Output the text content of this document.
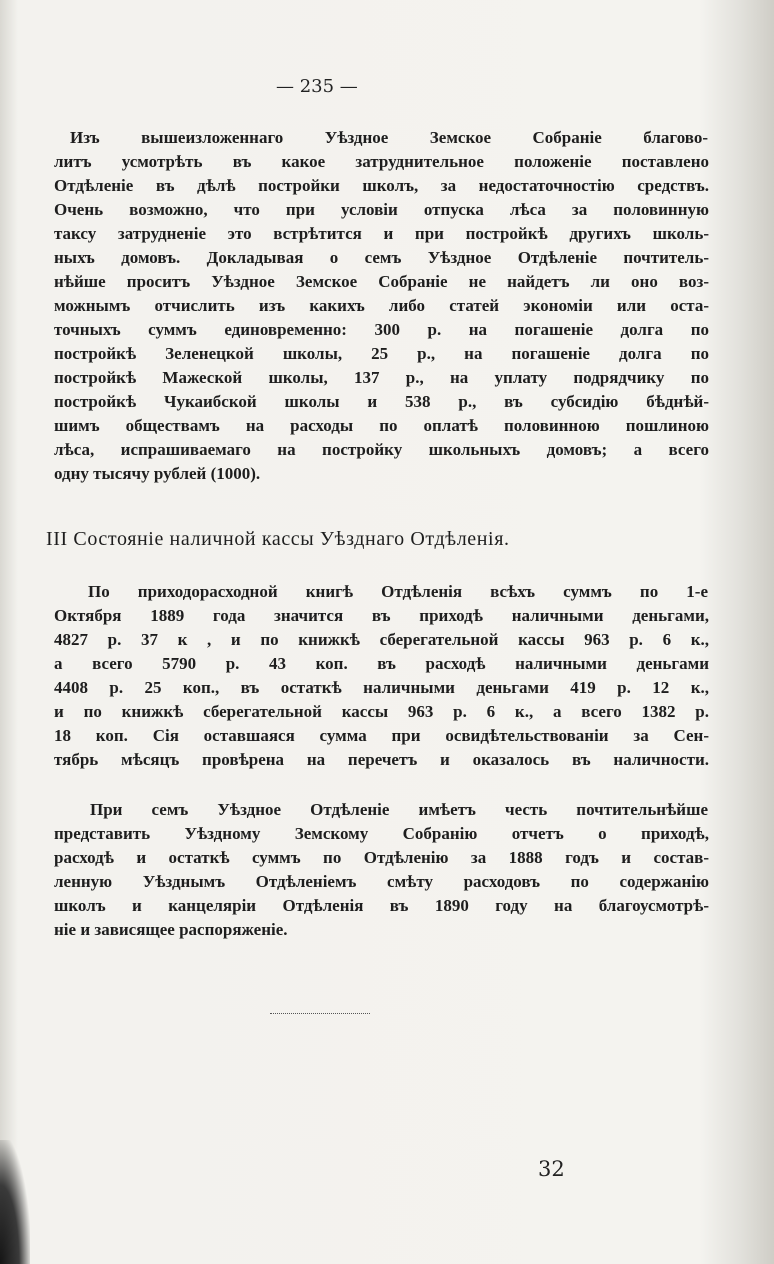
— 235 —
Изъ вышеизложеннаго Уѣздное Земское Собраніе благово-
литъ усмотрѣть въ какое затруднительное положеніе поставлено
Отдѣленіе въ дѣлѣ постройки школъ, за недостаточностію средствъ.
Очень возможно, что при условіи отпуска лѣса за половинную
таксу затрудненіе это встрѣтится и при постройкѣ другихъ школь-
ныхъ домовъ. Докладывая о семъ Уѣздное Отдѣленіе почтитель-
нѣйше проситъ Уѣздное Земское Собраніе не найдетъ ли оно воз-
можнымъ отчислить изъ какихъ либо статей экономіи или оста-
точныхъ суммъ единовременно: 300 р. на погашеніе долга по
постройкѣ Зеленецкой школы, 25 р., на погашеніе долга по
постройкѣ Мажеской школы, 137 р., на уплату подрядчику по
постройкѣ Чукаибской школы и 538 р., въ субсидію бѣднѣй-
шимъ обществамъ на расходы по оплатѣ половинною пошлиною
лѣса, испрашиваемаго на постройку школьныхъ домовъ; а всего
одну тысячу рублей (1000).
III Состояніе наличной кассы Уѣзднаго Отдѣленія.
По приходорасходной книгѣ Отдѣленія всѣхъ суммъ по 1-е
Октября 1889 года значится въ приходѣ наличными деньгами,
4827 р. 37 к , и по книжкѣ сберегательной кассы 963 р. 6 к.,
а всего 5790 р. 43 коп. въ расходѣ наличными деньгами
4408 р. 25 коп., въ остаткѣ наличными деньгами 419 р. 12 к.,
и по книжкѣ сберегательной кассы 963 р. 6 к., а всего 1382 р.
18 коп. Сія оставшаяся сумма при освидѣтельствованіи за Сен-
тябрь мѣсяцъ провѣрена на перечетъ и оказалось въ наличности.
При семъ Уѣздное Отдѣленіе имѣетъ честь почтительнѣйше
представить Уѣздному Земскому Собранію отчетъ о приходѣ,
расходѣ и остаткѣ суммъ по Отдѣленію за 1888 годъ и состав-
ленную Уѣзднымъ Отдѣленіемъ смѣту расходовъ по содержанію
школъ и канцеляріи Отдѣленія въ 1890 году на благоусмотрѣ-
ніе и зависящее распоряженіе.
32
